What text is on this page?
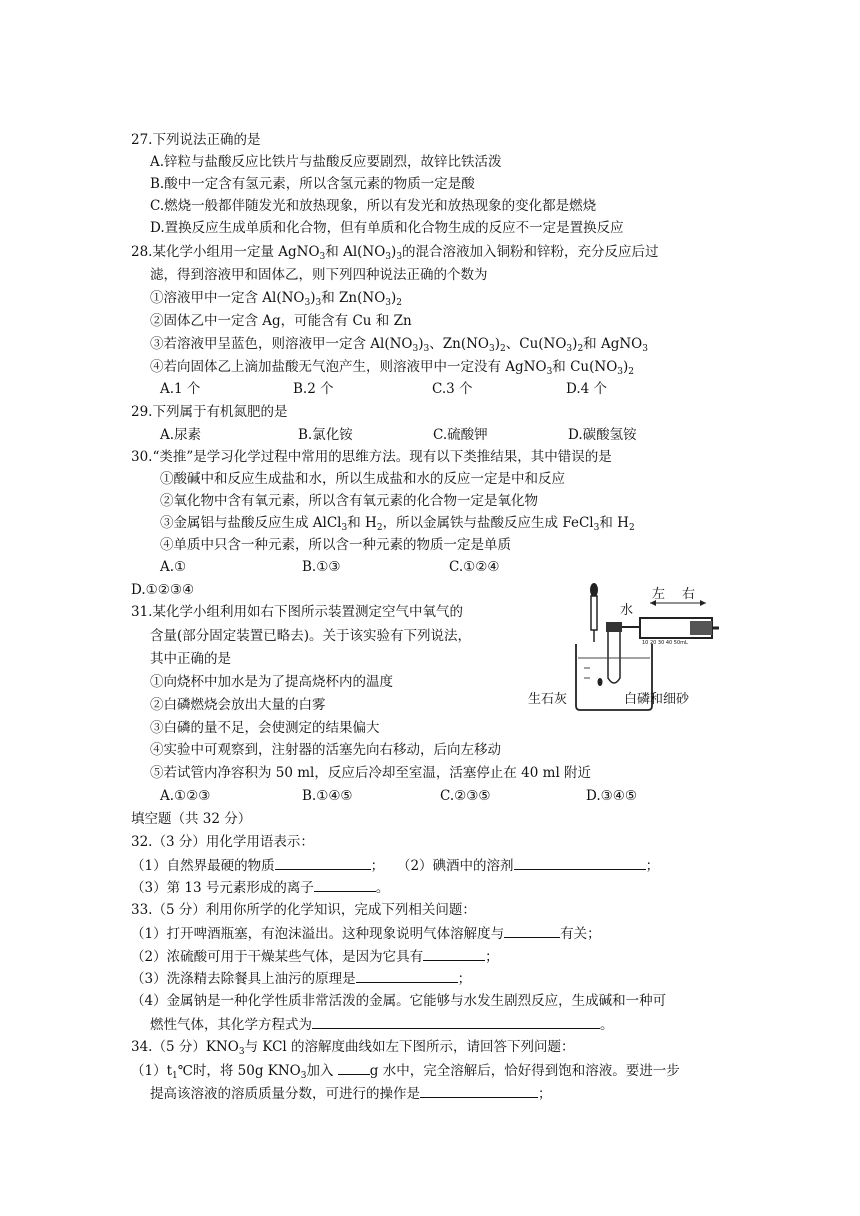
27.下列说法正确的是
A.锌粒与盐酸反应比铁片与盐酸反应要剧烈，故锌比铁活泼
B.酸中一定含有氢元素，所以含氢元素的物质一定是酸
C.燃烧一般都伴随发光和放热现象，所以有发光和放热现象的变化都是燃烧
D.置换反应生成单质和化合物，但有单质和化合物生成的反应不一定是置换反应
28.某化学小组用一定量 AgNO$_3$和 $Al(NO_3)_3$的混合溶液加入铜粉和锌粉，充分反应后过
滤，得到溶液甲和固体乙，则下列四种说法正确的个数为
①溶液甲中一定含 $Al(NO_3)_3$和 $Zn(NO_3)_2$
②固体乙中一定含 Ag，可能含有 Cu 和 Zn
③若溶液甲呈蓝色，则溶液甲一定含 $Al(NO_3)_3$、$Zn(NO_3)_2$、$Cu(NO_3)_2$和 AgNO$_3$
④若向固体乙上滴加盐酸无气泡产生，则溶液甲中一定没有 AgNO$_3$和 $Cu(NO_3)_2$
A.1 个	B.2 个	C.3 个	D.4 个
29.下列属于有机氮肥的是
A.尿素	B.氯化铵	C.硫酸钾	D.碳酸氢铵
30.“类推”是学习化学过程中常用的思维方法。现有以下类推结果，其中错误的是
①酸碱中和反应生成盐和水，所以生成盐和水的反应一定是中和反应
②氧化物中含有氧元素，所以含有氧元素的化合物一定是氧化物
③金属铝与盐酸反应生成 AlCl$_3$和 $H_2$，所以金属铁与盐酸反应生成 FeCl$_3$和 $H_2$
④单质中只含一种元素，所以含一种元素的物质一定是单质
A.①	B.①③	C.①②④
D.①②③④
31.某化学小组利用如右下图所示装置测定空气中氧气的
含量(部分固定装置已略去)。关于该实验有下列说法，
其中正确的是
①向烧杯中加水是为了提高烧杯内的温度
②白磷燃烧会放出大量的白雾
③白磷的量不足，会使测定的结果偏大
④实验中可观察到，注射器的活塞先向右移动，后向左移动
⑤若试管内净容积为 50 ml，反应后冷却至室温，活塞停止在 40 ml 附近
A.①②③	B.①④⑤	C.②③⑤	D.③④⑤
水
左 右
10 20 30 40 50mL
生石灰	白磷和细砂
填空题（共 32 分）
32.（3 分）用化学用语表示：
（1）自然界最硬的物质	； （2）碘酒中的溶剂	；
（3）第 13 号元素形成的离子	。
33.（5 分）利用你所学的化学知识，完成下列相关问题：
（1）打开啤酒瓶塞，有泡沫溢出。这种现象说明气体溶解度与	有关；
（2）浓硫酸可用于干燥某些气体，是因为它具有	；
（3）洗涤精去除餐具上油污的原理是	；
（4）金属钠是一种化学性质非常活泼的金属。它能够与水发生剧烈反应，生成碱和一种可
燃性气体，其化学方程式为	。
34.（5 分）$KNO_3$与 KCl 的溶解度曲线如左下图所示，请回答下列问题：
$(1)t_1℃$时，将 50g $KNO_3$加入 g 水中，完全溶解后，恰好得到饱和溶液。要进一步
提高该溶液的溶质质量分数，可进行的操作是	；
